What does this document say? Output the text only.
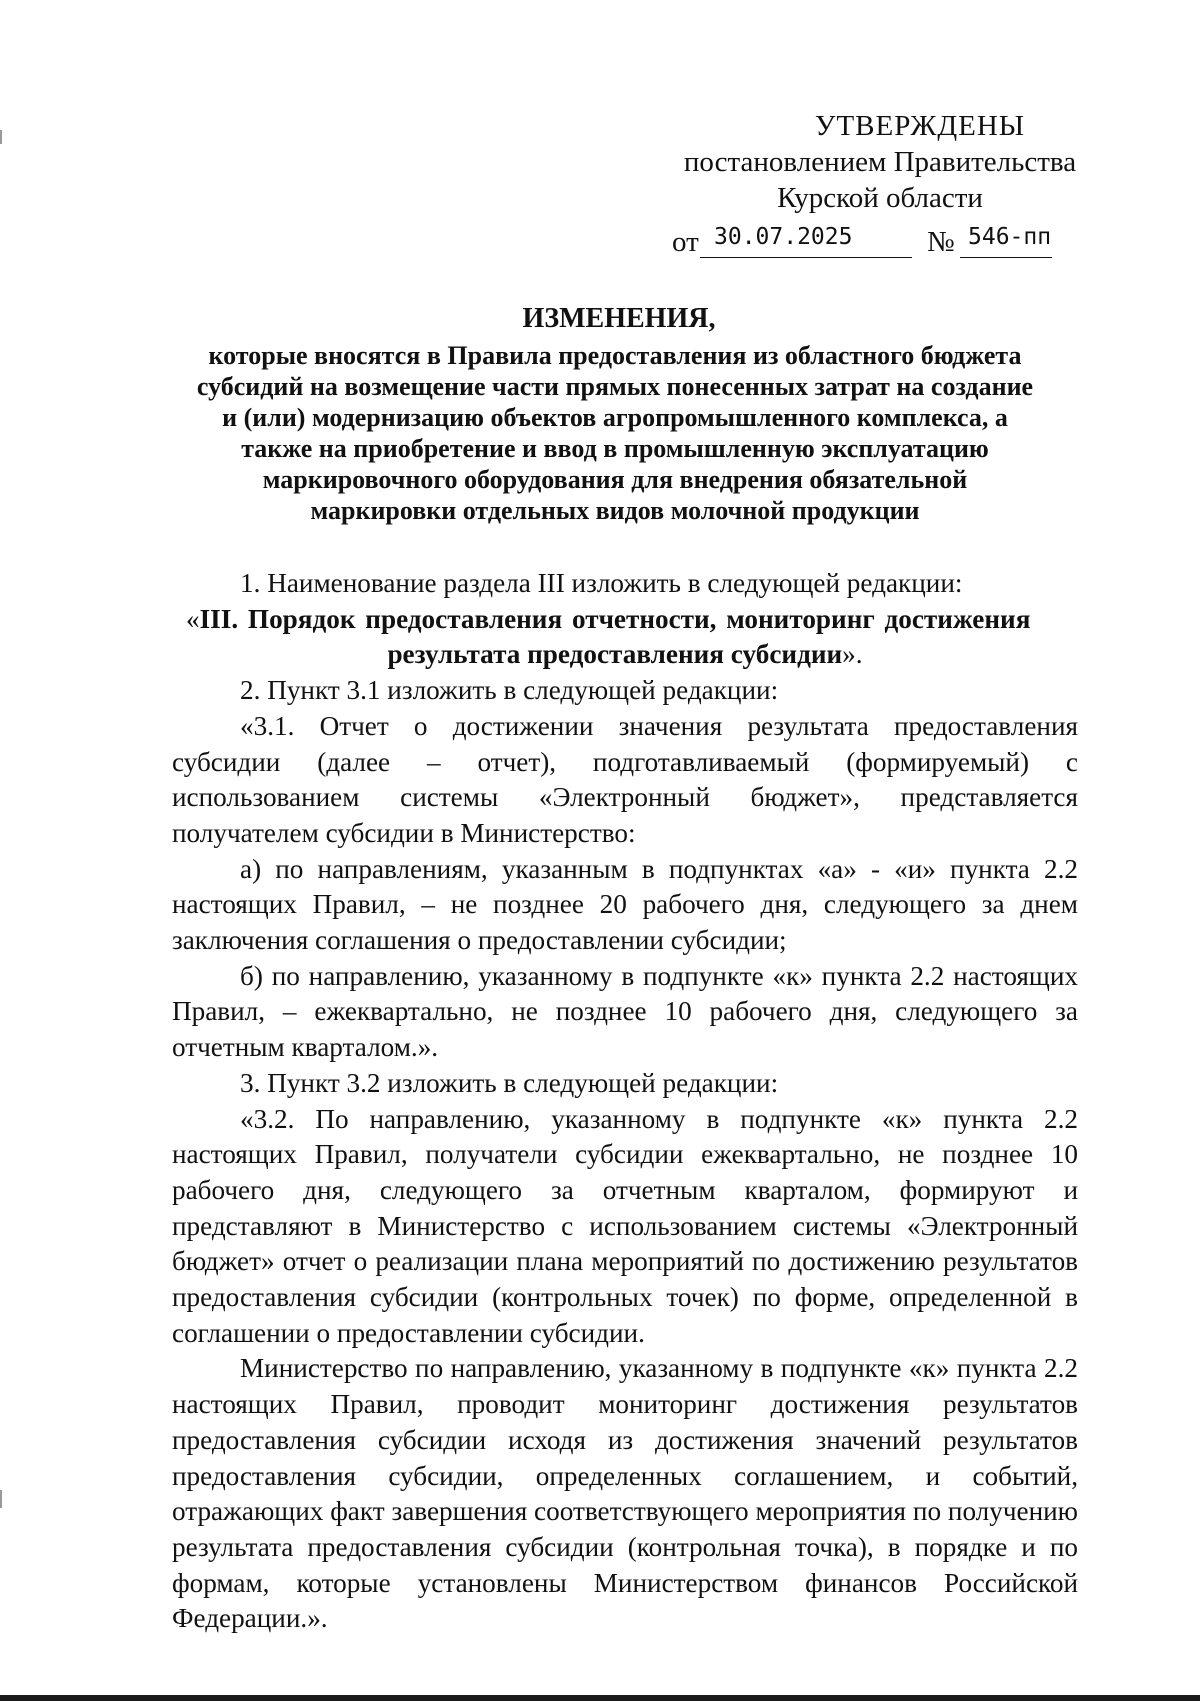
УТВЕРЖДЕНЫ
постановлением Правительства
Курской области
от 30.07.2025	№ 546-пп
ИЗМЕНЕНИЯ,
которые вносятся в Правила предоставления из областного бюджета
субсидий на возмещение части прямых понесенных затрат на создание
и (или) модернизацию объектов агропромышленного комплекса, а
также на приобретение и ввод в промышленную эксплуатацию
маркировочного оборудования для внедрения обязательной
маркировки отдельных видов молочной продукции

1. Наименование раздела III изложить в следующей редакции:

«III. Порядок предоставления отчетности, мониторинг достижения

результата предоставления субсидии».

2. Пункт 3.1 изложить в следующей редакции:

«3.1. Отчет о достижении значения результата предоставления субсидии (далее – отчет), подготавливаемый (формируемый) с использованием системы «Электронный бюджет», представляется получателем субсидии в Министерство:

а) по направлениям, указанным в подпунктах «а» - «и» пункта 2.2 настоящих Правил, – не позднее 20 рабочего дня, следующего за днем заключения соглашения о предоставлении субсидии;

б) по направлению, указанному в подпункте «к» пункта 2.2 настоящих Правил, – ежеквартально, не позднее 10 рабочего дня, следующего за отчетным кварталом.».

3. Пункт 3.2 изложить в следующей редакции:

«3.2. По направлению, указанному в подпункте «к» пункта 2.2 настоящих Правил, получатели субсидии ежеквартально, не позднее 10 рабочего дня, следующего за отчетным кварталом, формируют и представляют в Министерство с использованием системы «Электронный бюджет» отчет о реализации плана мероприятий по достижению результатов предоставления субсидии (контрольных точек) по форме, определенной в соглашении о предоставлении субсидии.

Министерство по направлению, указанному в подпункте «к» пункта 2.2 настоящих Правил, проводит мониторинг достижения результатов предоставления субсидии исходя из достижения значений результатов предоставления субсидии, определенных соглашением, и событий, отражающих факт завершения соответствующего мероприятия по получению результата предоставления субсидии (контрольная точка), в порядке и по формам, которые установлены Министерством финансов Российской Федерации.».
